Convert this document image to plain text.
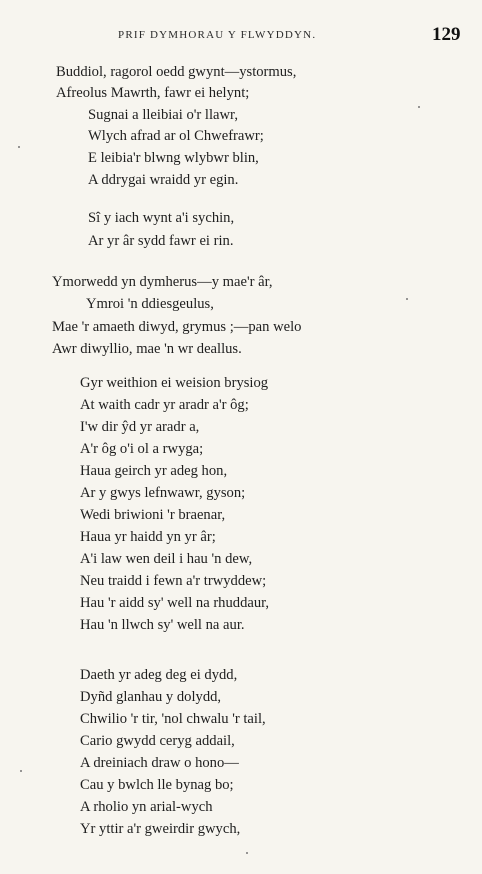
PRIF DYMHORAU Y FLWYDDYN.	129
Buddiol, ragorol oedd gwynt—ystormus,
Afreolus Mawrth, fawr ei helynt;
Sugnai a lleibiai o'r llawr,
Wlych afrad ar ol Chwefrawr;
E leibia'r blwng wlybwr blin,
A ddrygai wraidd yr egin.
Sî y iach wynt a'i sychin,
Ar yr âr sydd fawr ei rin.
Ymorwedd yn dymherus—y mae'r âr,
Ymroi 'n ddiesgeulus,
Mae 'r amaeth diwyd, grymus ;—pan welo
Awr diwyllio, mae 'n wr deallus.
Gyr weithion ei weision brysiog
At waith cadr yr aradr a'r ôg;
I'w dir ŷd yr aradr a,
A'r ôg o'i ol a rwyga;
Haua geirch yr adeg hon,
Ar y gwys lefnwawr, gyson;
Wedi briwioni 'r braenar,
Haua yr haidd yn yr âr;
A'i law wen deil i hau 'n dew,
Neu traidd i fewn a'r trwyddew;
Hau 'r aidd sy' well na rhuddaur,
Hau 'n llwch sy' well na aur.
Daeth yr adeg deg ei dydd,
Dyñd glanhau y dolydd,
Chwilio 'r tir, 'nol chwalu 'r tail,
Cario gwydd ceryg addail,
A dreiniach draw o hono—
Cau y bwlch lle bynag bo;
A rholio yn arial-wych
Yr yttir a'r gweirdir gwych,
